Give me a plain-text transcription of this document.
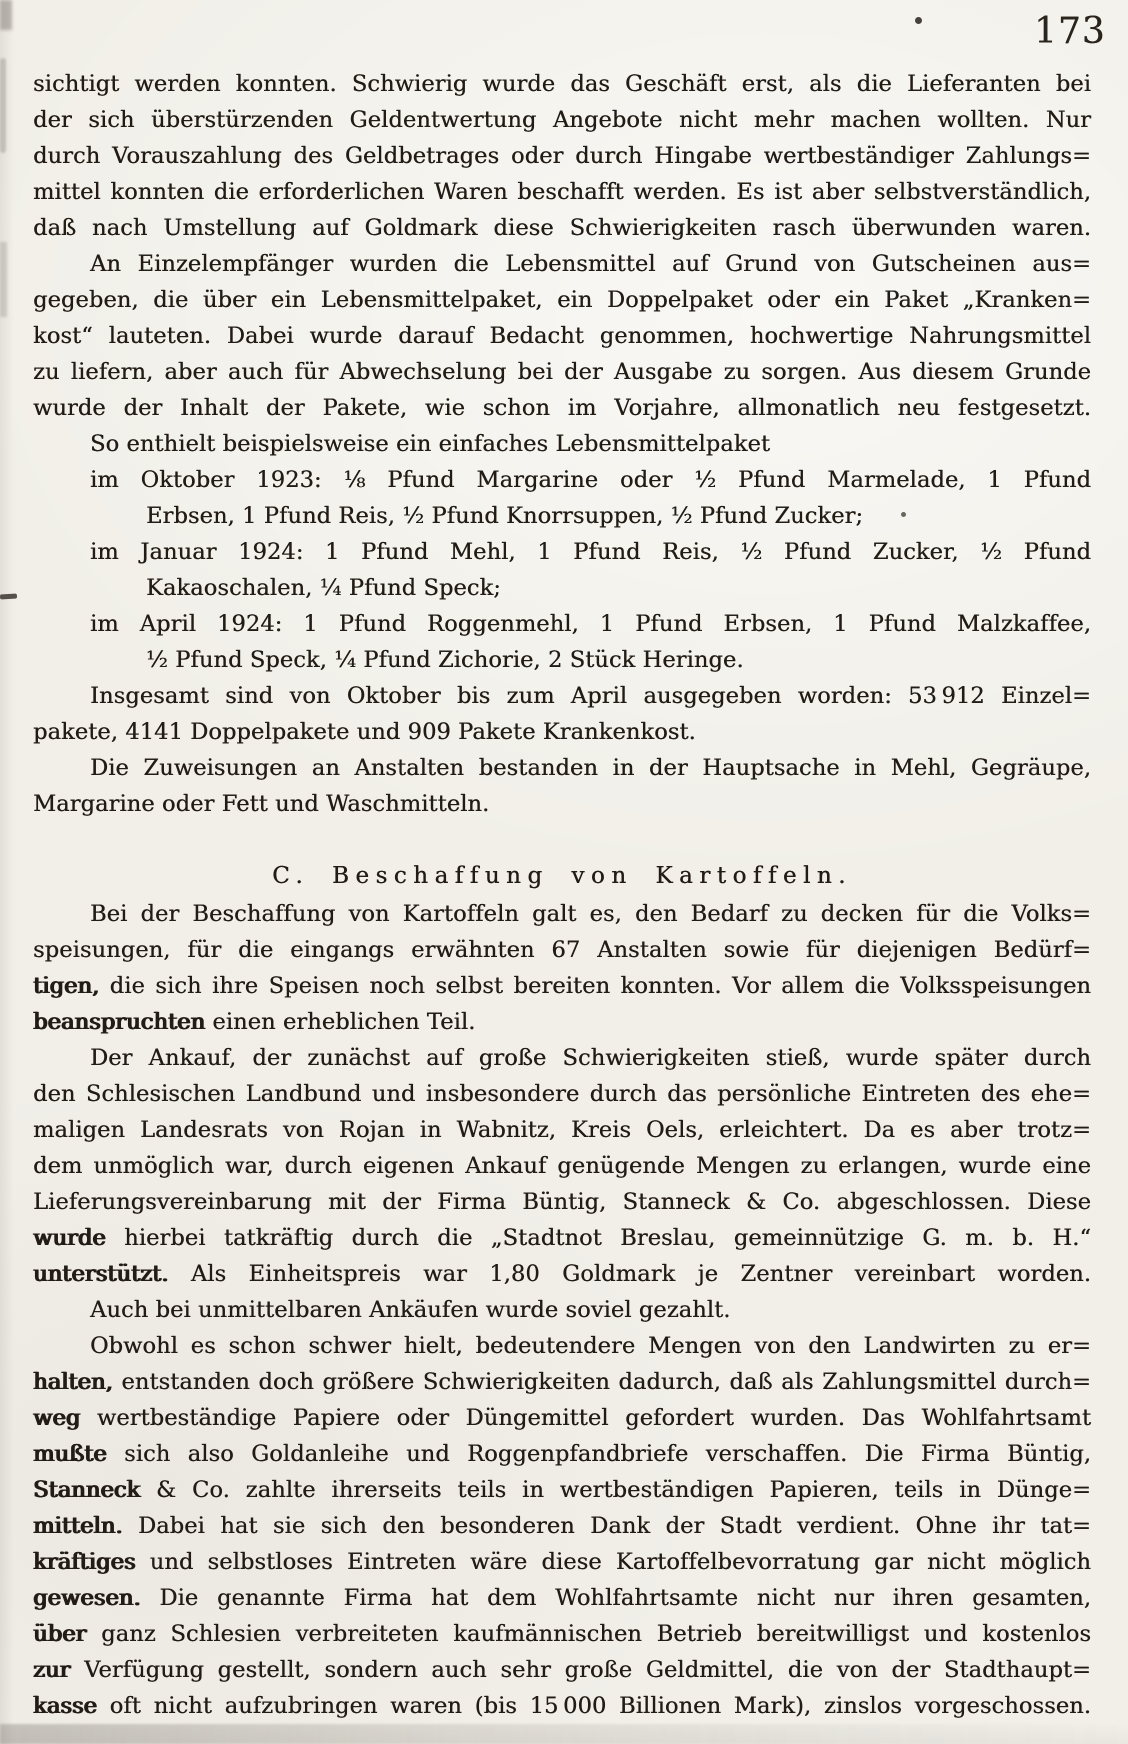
173
sichtigt werden konnten. Schwierig wurde das Geschäft erst, als die Lieferanten bei
der sich überstürzenden Geldentwertung Angebote nicht mehr machen wollten. Nur
durch Vorauszahlung des Geldbetrages oder durch Hingabe wertbeständiger Zahlungs=
mittel konnten die erforderlichen Waren beschafft werden. Es ist aber selbstverständlich,
daß nach Umstellung auf Goldmark diese Schwierigkeiten rasch überwunden waren.
An Einzelempfänger wurden die Lebensmittel auf Grund von Gutscheinen aus=
gegeben, die über ein Lebensmittelpaket, ein Doppelpaket oder ein Paket „Kranken=
kost“ lauteten. Dabei wurde darauf Bedacht genommen, hochwertige Nahrungsmittel
zu liefern, aber auch für Abwechselung bei der Ausgabe zu sorgen. Aus diesem Grunde
wurde der Inhalt der Pakete, wie schon im Vorjahre, allmonatlich neu festgesetzt.
So enthielt beispielsweise ein einfaches Lebensmittelpaket
im Oktober 1923: ⅛ Pfund Margarine oder ½ Pfund Marmelade, 1 Pfund
Erbsen, 1 Pfund Reis, ½ Pfund Knorrsuppen, ½ Pfund Zucker;
im Januar 1924: 1 Pfund Mehl, 1 Pfund Reis, ½ Pfund Zucker, ½ Pfund
Kakaoschalen, ¼ Pfund Speck;
im April 1924: 1 Pfund Roggenmehl, 1 Pfund Erbsen, 1 Pfund Malzkaffee,
½ Pfund Speck, ¼ Pfund Zichorie, 2 Stück Heringe.
Insgesamt sind von Oktober bis zum April ausgegeben worden: 53 912 Einzel=
pakete, 4141 Doppelpakete und 909 Pakete Krankenkost.
Die Zuweisungen an Anstalten bestanden in der Hauptsache in Mehl, Gegräupe,
Margarine oder Fett und Waschmitteln.
C. Beschaffung von Kartoffeln.
Bei der Beschaffung von Kartoffeln galt es, den Bedarf zu decken für die Volks=
speisungen, für die eingangs erwähnten 67 Anstalten sowie für diejenigen Bedürf=
tigen, die sich ihre Speisen noch selbst bereiten konnten. Vor allem die Volksspeisungen
beanspruchten einen erheblichen Teil.
Der Ankauf, der zunächst auf große Schwierigkeiten stieß, wurde später durch
den Schlesischen Landbund und insbesondere durch das persönliche Eintreten des ehe=
maligen Landesrats von Rojan in Wabnitz, Kreis Oels, erleichtert. Da es aber trotz=
dem unmöglich war, durch eigenen Ankauf genügende Mengen zu erlangen, wurde eine
Lieferungsvereinbarung mit der Firma Büntig, Stanneck & Co. abgeschlossen. Diese
wurde hierbei tatkräftig durch die „Stadtnot Breslau, gemeinnützige G. m. b. H.“
unterstützt. Als Einheitspreis war 1,80 Goldmark je Zentner vereinbart worden.
Auch bei unmittelbaren Ankäufen wurde soviel gezahlt.
Obwohl es schon schwer hielt, bedeutendere Mengen von den Landwirten zu er=
halten, entstanden doch größere Schwierigkeiten dadurch, daß als Zahlungsmittel durch=
weg wertbeständige Papiere oder Düngemittel gefordert wurden. Das Wohlfahrtsamt
mußte sich also Goldanleihe und Roggenpfandbriefe verschaffen. Die Firma Büntig,
Stanneck & Co. zahlte ihrerseits teils in wertbeständigen Papieren, teils in Dünge=
mitteln. Dabei hat sie sich den besonderen Dank der Stadt verdient. Ohne ihr tat=
kräftiges und selbstloses Eintreten wäre diese Kartoffelbevorratung gar nicht möglich
gewesen. Die genannte Firma hat dem Wohlfahrtsamte nicht nur ihren gesamten,
über ganz Schlesien verbreiteten kaufmännischen Betrieb bereitwilligst und kostenlos
zur Verfügung gestellt, sondern auch sehr große Geldmittel, die von der Stadthaupt=
kasse oft nicht aufzubringen waren (bis 15 000 Billionen Mark), zinslos vorgeschossen.
